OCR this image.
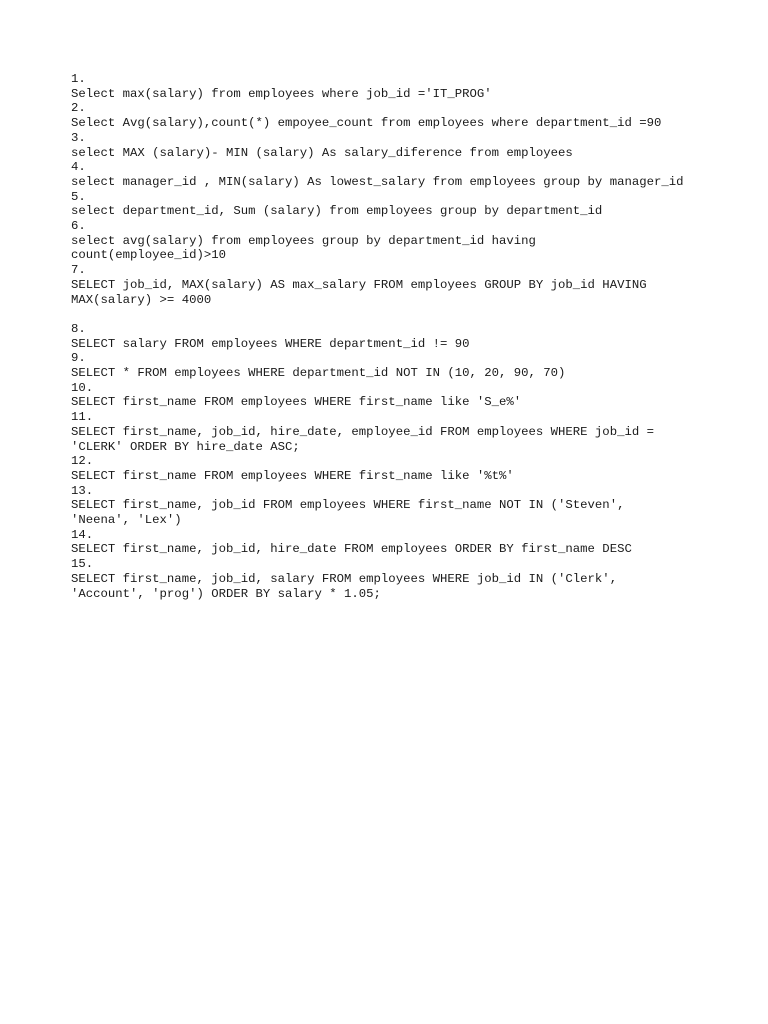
1.
Select max(salary) from employees where job_id ='IT_PROG'
2.
Select Avg(salary),count(*) empoyee_count from employees where department_id =90
3.
select MAX (salary)- MIN (salary) As salary_diference from employees
4.
select manager_id , MIN(salary) As lowest_salary from employees group by manager_id
5.
select department_id, Sum (salary) from employees group by department_id
6.
select avg(salary) from employees group by department_id having
count(employee_id)>10
7.
SELECT job_id, MAX(salary) AS max_salary FROM employees GROUP BY job_id HAVING
MAX(salary) >= 4000
8.
SELECT salary FROM employees WHERE department_id != 90
9.
SELECT * FROM employees WHERE department_id NOT IN (10, 20, 90, 70)
10.
SELECT first_name FROM employees WHERE first_name like 'S_e%'
11.
SELECT first_name, job_id, hire_date, employee_id FROM employees WHERE job_id =
'CLERK' ORDER BY hire_date ASC;
12.
SELECT first_name FROM employees WHERE first_name like '%t%'
13.
SELECT first_name, job_id FROM employees WHERE first_name NOT IN ('Steven',
'Neena', 'Lex')
14.
SELECT first_name, job_id, hire_date FROM employees ORDER BY first_name DESC
15.
SELECT first_name, job_id, salary FROM employees WHERE job_id IN ('Clerk',
'Account', 'prog') ORDER BY salary * 1.05;
